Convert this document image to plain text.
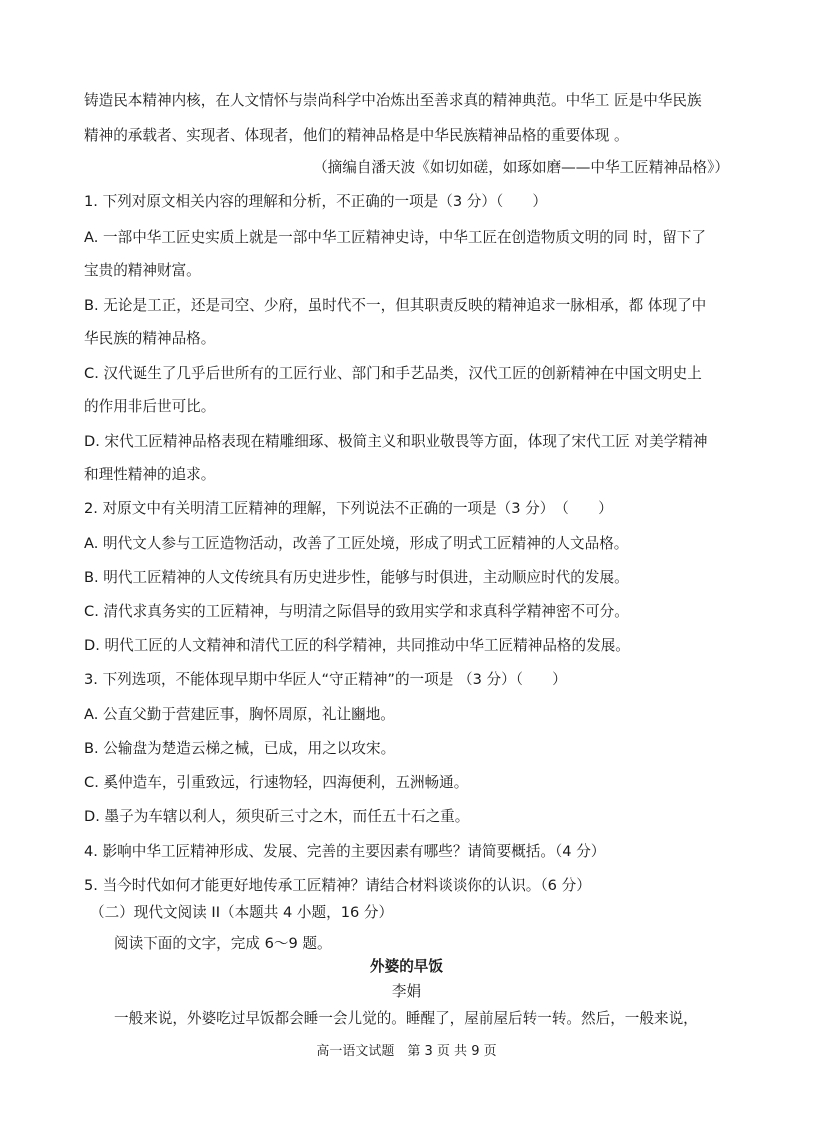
铸造民本精神内核，在人文情怀与崇尚科学中冶炼出至善求真的精神典范。中华工 匠是中华民族
精神的承载者、实现者、体现者，他们的精神品格是中华民族精神品格的重要体现 。
（摘编自潘天波《如切如磋，如琢如磨——中华工匠精神品格》）
1. 下列对原文相关内容的理解和分析，不正确的一项是（3 分）（　　）
A. 一部中华工匠史实质上就是一部中华工匠精神史诗，中华工匠在创造物质文明的同 时，留下了
宝贵的精神财富。
B. 无论是工正，还是司空、少府，虽时代不一，但其职责反映的精神追求一脉相承，都 体现了中
华民族的精神品格。
C. 汉代诞生了几乎后世所有的工匠行业、部门和手艺品类，汉代工匠的创新精神在中国文明史上
的作用非后世可比。
D. 宋代工匠精神品格表现在精雕细琢、极简主义和职业敬畏等方面，体现了宋代工匠 对美学精神
和理性精神的追求。
2. 对原文中有关明清工匠精神的理解，下列说法不正确的一项是（3 分）　（　　）
A. 明代文人参与工匠造物活动，改善了工匠处境，形成了明式工匠精神的人文品格。
B. 明代工匠精神的人文传统具有历史进步性，能够与时俱进，主动顺应时代的发展。
C. 清代求真务实的工匠精神，与明清之际倡导的致用实学和求真科学精神密不可分。
D. 明代工匠的人文精神和清代工匠的科学精神，共同推动中华工匠精神品格的发展。
3. 下列选项，不能体现早期中华匠人“守正精神”的一项是 （3 分）（　　）
A. 公直父勤于营建匠事，胸怀周原，礼让豳地。
B. 公输盘为楚造云梯之械，已成，用之以攻宋。
C. 奚仲造车，引重致远，行速物轻，四海便利，五洲畅通。
D. 墨子为车辖以利人，须臾斫三寸之木，而任五十石之重。
4. 影响中华工匠精神形成、发展、完善的主要因素有哪些？请简要概括。（4 分）
5. 当今时代如何才能更好地传承工匠精神？请结合材料谈谈你的认识。（6 分）
（二）现代文阅读 II（本题共 4 小题，16 分）
阅读下面的文字，完成 6～9 题。
外婆的早饭
李娟
一般来说，外婆吃过早饭都会睡一会儿觉的。睡醒了，屋前屋后转一转。然后，一般来说，
高一语文试题　第 3 页 共 9 页
